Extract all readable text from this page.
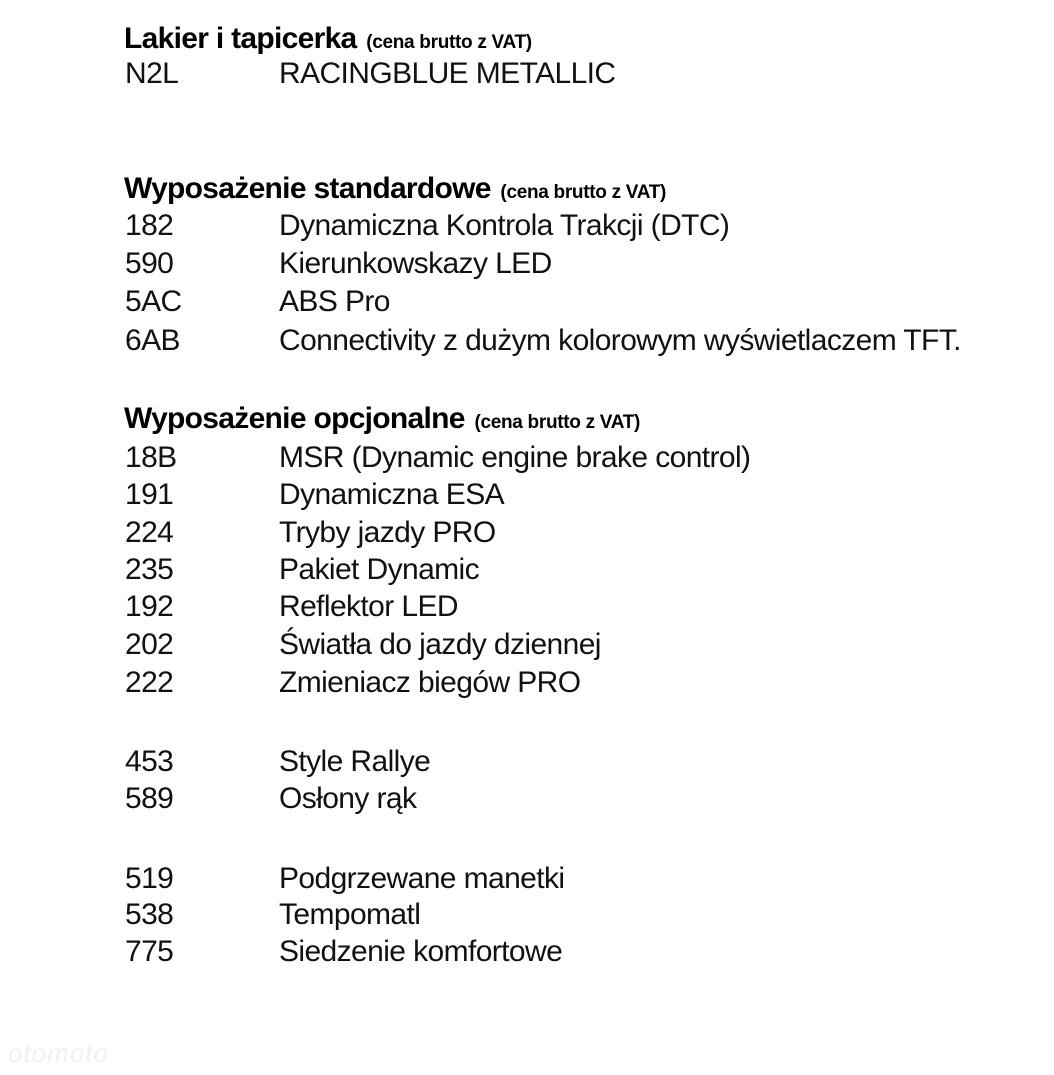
Lakier i tapicerka (cena brutto z VAT)
N2L	RACINGBLUE METALLIC
Wyposażenie standardowe (cena brutto z VAT)
182	Dynamiczna Kontrola Trakcji (DTC)
590	Kierunkowskazy LED
5AC	ABS Pro
6AB	Connectivity z dużym kolorowym wyświetlaczem TFT.
Wyposażenie opcjonalne (cena brutto z VAT)
18B	MSR (Dynamic engine brake control)
191	Dynamiczna ESA
224	Tryby jazdy PRO
235	Pakiet Dynamic
192	Reflektor LED
202	Światła do jazdy dziennej
222	Zmieniacz biegów PRO
453	Style Rallye
589	Osłony rąk
519	Podgrzewane manetki
538	Tempomatl
775	Siedzenie komfortowe
otomoto
